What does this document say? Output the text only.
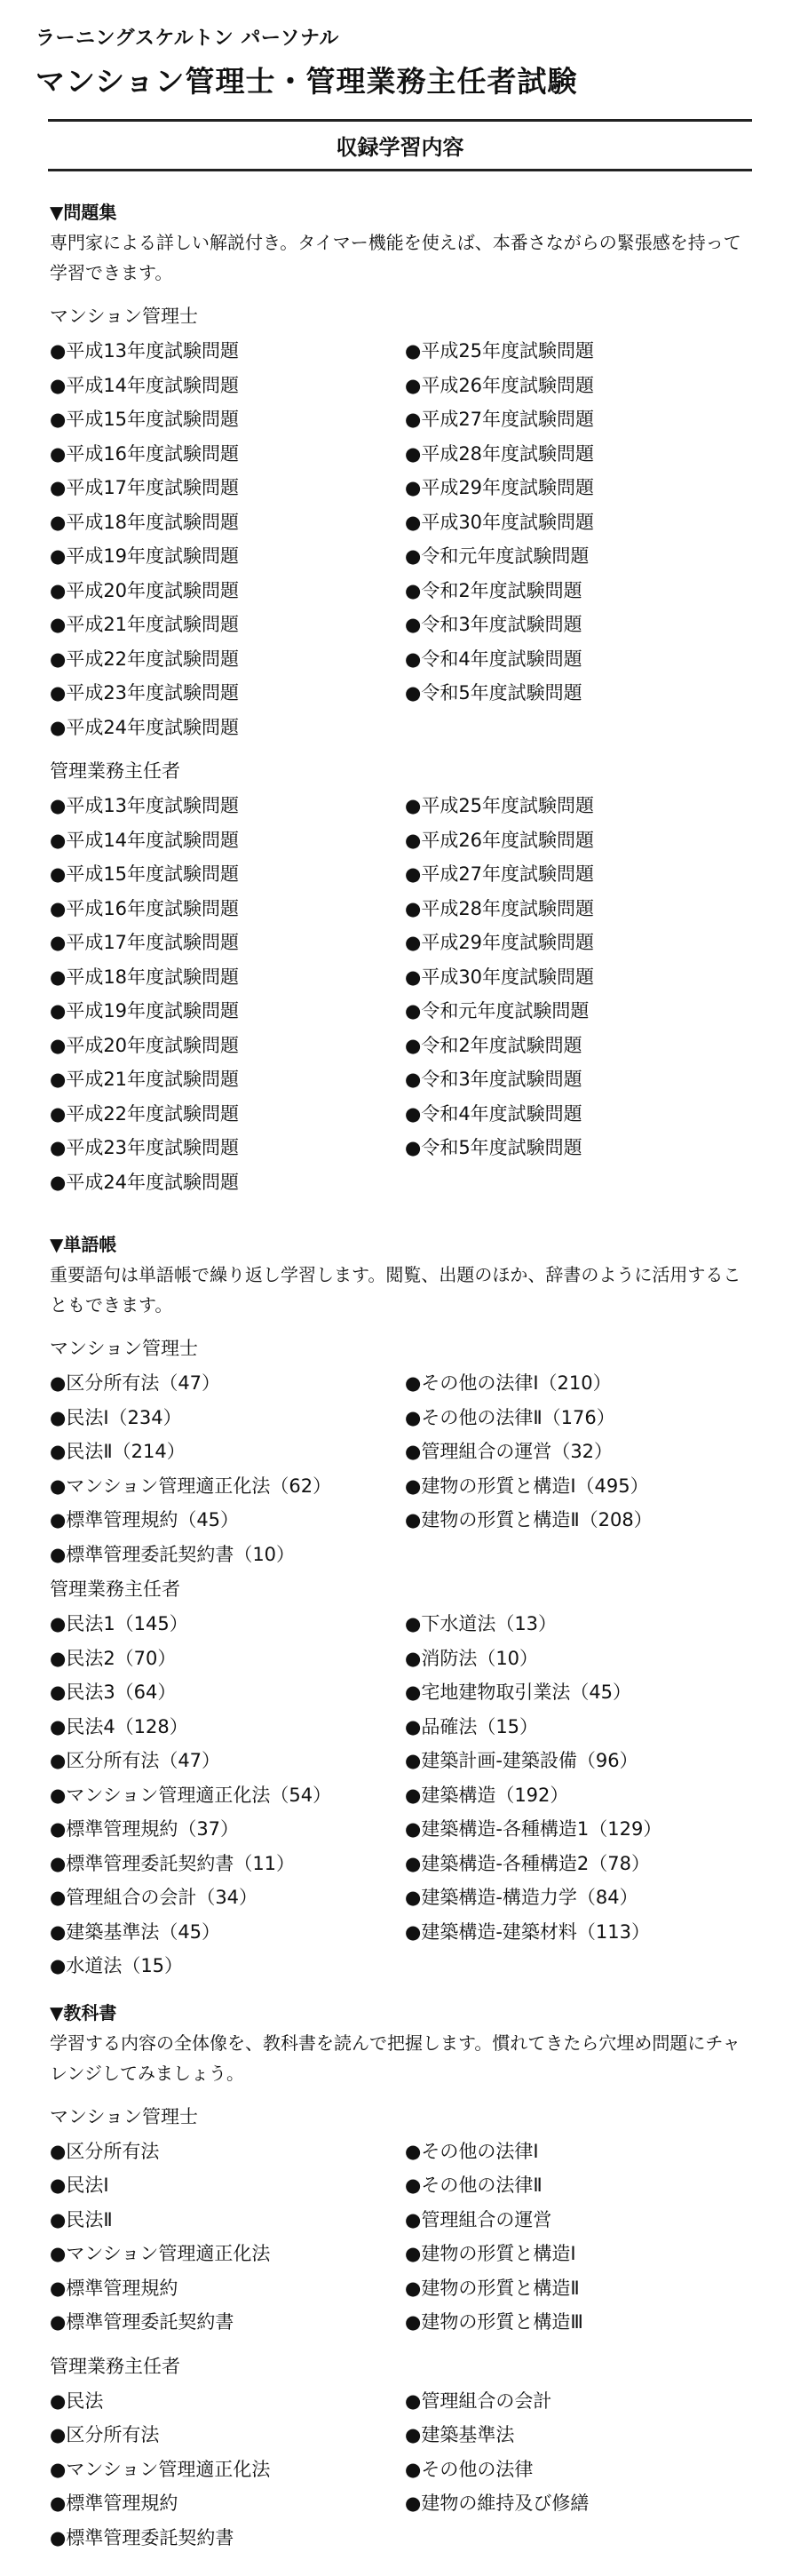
ラーニングスケルトン パーソナル
マンション管理士・管理業務主任者試験
収録学習内容
▼問題集
専門家による詳しい解説付き。タイマー機能を使えば、本番さながらの緊張感を持って学習できます。
マンション管理士
●平成13年度試験問題	●平成25年度試験問題
●平成14年度試験問題	●平成26年度試験問題
●平成15年度試験問題	●平成27年度試験問題
●平成16年度試験問題	●平成28年度試験問題
●平成17年度試験問題	●平成29年度試験問題
●平成18年度試験問題	●平成30年度試験問題
●平成19年度試験問題	●令和元年度試験問題
●平成20年度試験問題	●令和2年度試験問題
●平成21年度試験問題	●令和3年度試験問題
●平成22年度試験問題	●令和4年度試験問題
●平成23年度試験問題	●令和5年度試験問題
●平成24年度試験問題
管理業務主任者
●平成13年度試験問題	●平成25年度試験問題
●平成14年度試験問題	●平成26年度試験問題
●平成15年度試験問題	●平成27年度試験問題
●平成16年度試験問題	●平成28年度試験問題
●平成17年度試験問題	●平成29年度試験問題
●平成18年度試験問題	●平成30年度試験問題
●平成19年度試験問題	●令和元年度試験問題
●平成20年度試験問題	●令和2年度試験問題
●平成21年度試験問題	●令和3年度試験問題
●平成22年度試験問題	●令和4年度試験問題
●平成23年度試験問題	●令和5年度試験問題
●平成24年度試験問題
▼単語帳
重要語句は単語帳で繰り返し学習します。閲覧、出題のほか、辞書のように活用することもできます。
マンション管理士
●区分所有法（47）	●その他の法律Ⅰ（210）
●民法Ⅰ（234）	●その他の法律Ⅱ（176）
●民法Ⅱ（214）	●管理組合の運営（32）
●マンション管理適正化法（62）	●建物の形質と構造Ⅰ（495）
●標準管理規約（45）	●建物の形質と構造Ⅱ（208）
●標準管理委託契約書（10）
管理業務主任者
●民法1（145）	●下水道法（13）
●民法2（70）	●消防法（10）
●民法3（64）	●宅地建物取引業法（45）
●民法4（128）	●品確法（15）
●区分所有法（47）	●建築計画-建築設備（96）
●マンション管理適正化法（54）	●建築構造（192）
●標準管理規約（37）	●建築構造-各種構造1（129）
●標準管理委託契約書（11）	●建築構造-各種構造2（78）
●管理組合の会計（34）	●建築構造-構造力学（84）
●建築基準法（45）	●建築構造-建築材料（113）
●水道法（15）
▼教科書
学習する内容の全体像を、教科書を読んで把握します。慣れてきたら穴埋め問題にチャレンジしてみましょう。
マンション管理士
●区分所有法	●その他の法律Ⅰ
●民法Ⅰ	●その他の法律Ⅱ
●民法Ⅱ	●管理組合の運営
●マンション管理適正化法	●建物の形質と構造Ⅰ
●標準管理規約	●建物の形質と構造Ⅱ
●標準管理委託契約書	●建物の形質と構造Ⅲ
管理業務主任者
●民法	●管理組合の会計
●区分所有法	●建築基準法
●マンション管理適正化法	●その他の法律
●標準管理規約	●建物の維持及び修繕
●標準管理委託契約書
